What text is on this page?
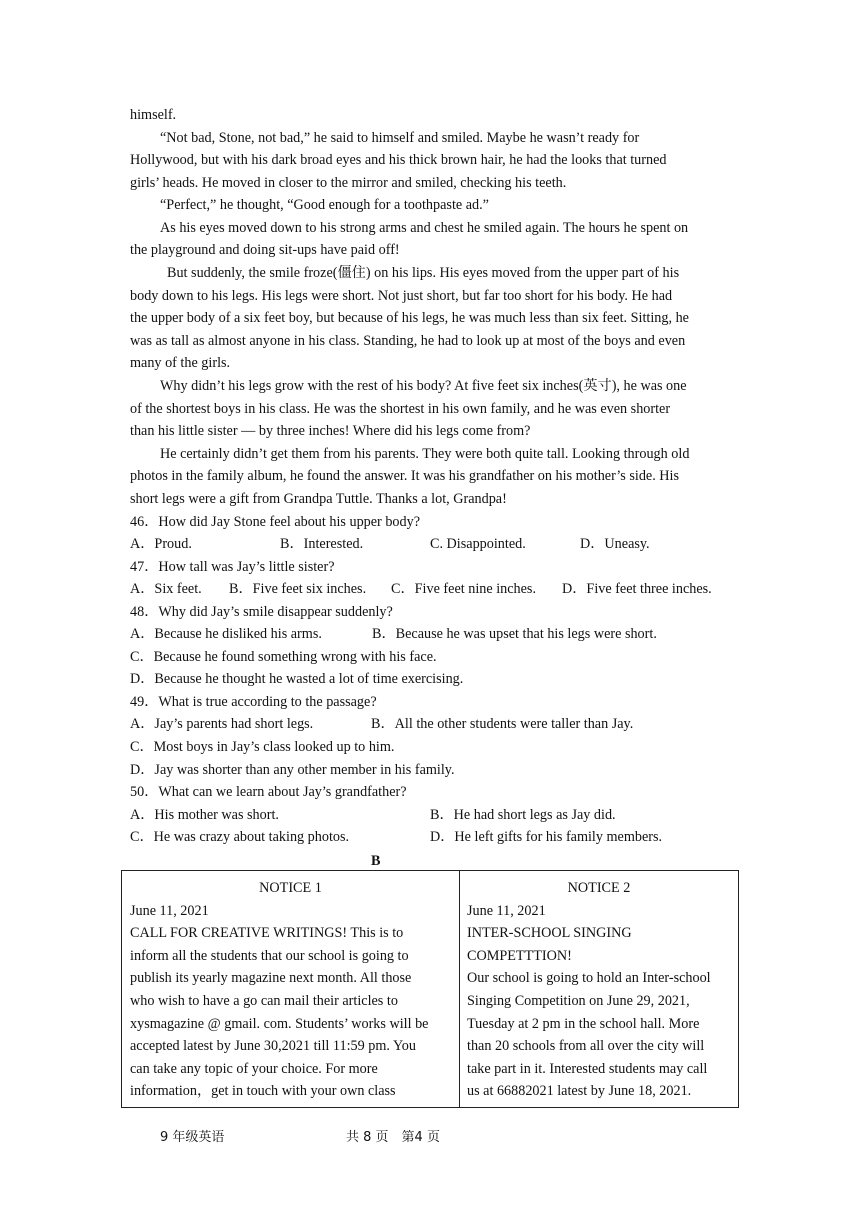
himself.
“Not bad, Stone, not bad,” he said to himself and smiled. Maybe he wasn’t ready for
Hollywood, but with his dark broad eyes and his thick brown hair, he had the looks that turned
girls’ heads. He moved in closer to the mirror and smiled, checking his teeth.
“Perfect,” he thought, “Good enough for a toothpaste ad.”
As his eyes moved down to his strong arms and chest he smiled again. The hours he spent on
the playground and doing sit-ups have paid off!
But suddenly, the smile froze(僵住) on his lips. His eyes moved from the upper part of his
body down to his legs. His legs were short. Not just short, but far too short for his body. He had
the upper body of a six feet boy, but because of his legs, he was much less than six feet. Sitting, he
was as tall as almost anyone in his class. Standing, he had to look up at most of the boys and even
many of the girls.
Why didn’t his legs grow with the rest of his body? At five feet six inches(英寸), he was one
of the shortest boys in his class. He was the shortest in his own family, and he was even shorter
than his little sister — by three inches! Where did his legs come from?
He certainly didn’t get them from his parents. They were both quite tall. Looking through old
photos in the family album, he found the answer. It was his grandfather on his mother’s side. His
short legs were a gift from Grandpa Tuttle. Thanks a lot, Grandpa!
46．How did Jay Stone feel about his upper body?
A．Proud.	B．Interested.	C. Disappointed.	D．Uneasy.
47．How tall was Jay’s little sister?
A．Six feet. B．Five feet six inches. C．Five feet nine inches. D．Five feet three inches.
48．Why did Jay’s smile disappear suddenly?
A．Because he disliked his arms.	B．Because he was upset that his legs were short.
C．Because he found something wrong with his face.
D．Because he thought he wasted a lot of time exercising.
49．What is true according to the passage?
A．Jay’s parents had short legs.	B．All the other students were taller than Jay.
C．Most boys in Jay’s class looked up to him.
D．Jay was shorter than any other member in his family.
50．What can we learn about Jay’s grandfather?
A．His mother was short.	B．He had short legs as Jay did.
C．He was crazy about taking photos.	D．He left gifts for his family members.
B
NOTICE 1
June 11, 2021
CALL FOR CREATIVE WRITINGS! This is to
inform all the students that our school is going to
publish its yearly magazine next month. All those
who wish to have a go can mail their articles to
xysmagazine @ gmail. com. Students’ works will be
accepted latest by June 30,2021 till 11:59 pm. You
can take any topic of your choice. For more
information，get in touch with your own class
NOTICE 2
June 11, 2021
INTER-SCHOOL SINGING
COMPETTTION!
Our school is going to hold an Inter-school
Singing Competition on June 29, 2021,
Tuesday at 2 pm in the school hall. More
than 20 schools from all over the city will
take part in it. Interested students may call
us at 66882021 latest by June 18, 2021.
9 年级英语	共 8 页　第4 页
